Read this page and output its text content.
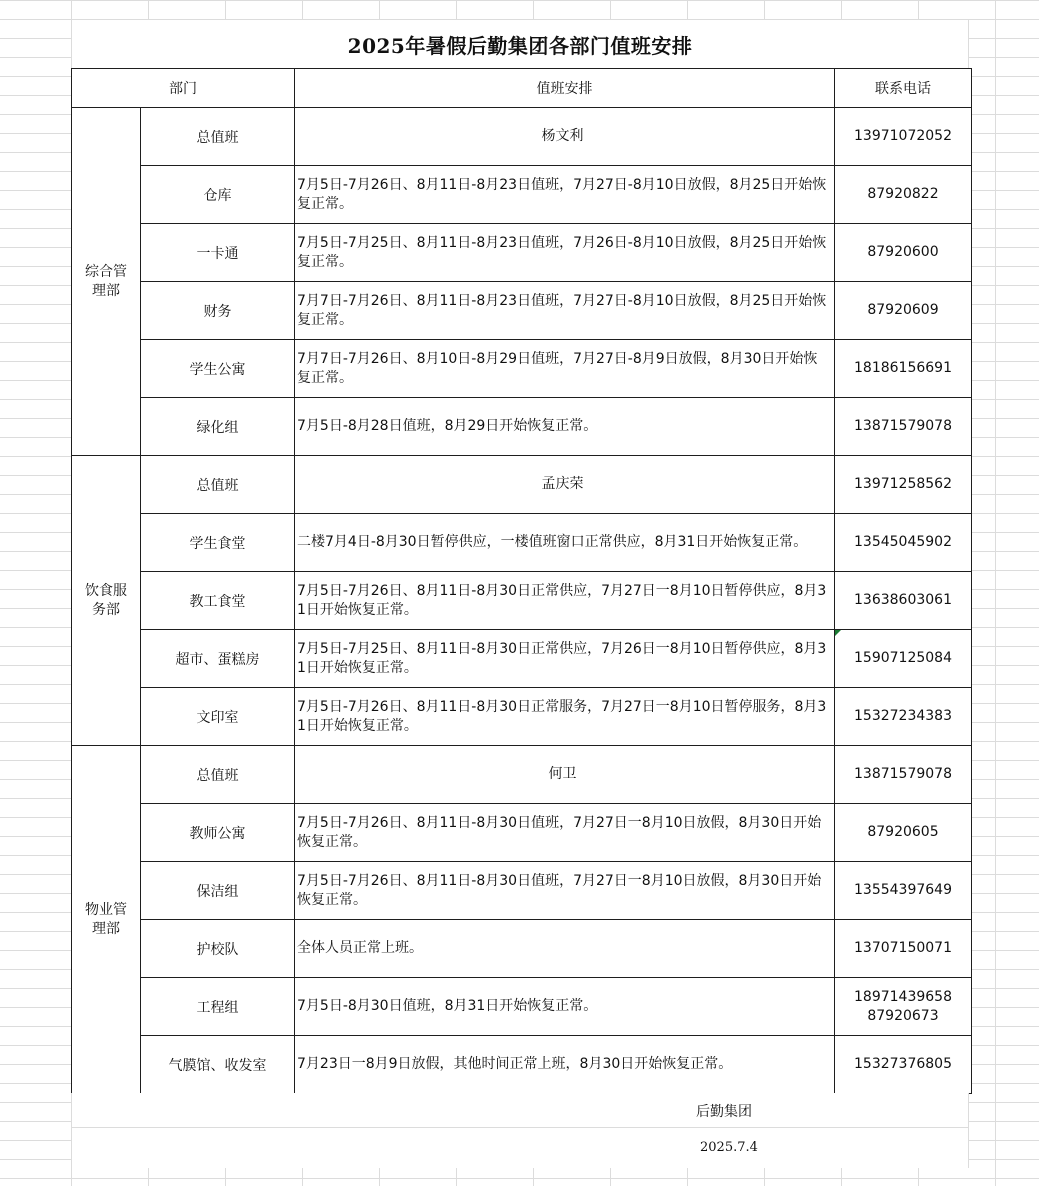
2025年暑假后勤集团各部门值班安排
部门		值班安排	联系电话
综合管理部	总值班	杨文利	13971072052

	仓库	7月5日-7月26日、8月11日-8月23日值班，7月27日-8月10日放假，8月25日开始恢复正常。	87920822

	一卡通	7月5日-7月25日、8月11日-8月23日值班，7月26日-8月10日放假，8月25日开始恢复正常。	87920600

	财务	7月7日-7月26日、8月11日-8月23日值班，7月27日-8月10日放假，8月25日开始恢复正常。	87920609

	学生公寓	7月7日-7月26日、8月10日-8月29日值班，7月27日-8月9日放假，8月30日开始恢复正常。	18186156691

	绿化组	7月5日-8月28日值班，8月29日开始恢复正常。	13871579078

饮食服务部	总值班	孟庆荣	13971258562

	学生食堂	二楼7月4日-8月30日暂停供应，一楼值班窗口正常供应，8月31日开始恢复正常。	13545045902

	教工食堂	7月5日-7月26日、8月11日-8月30日正常供应，7月27日一8月10日暂停供应，8月31日开始恢复正常。	13638603061

	超市、蛋糕房	7月5日-7月25日、8月11日-8月30日正常供应，7月26日一8月10日暂停供应，8月31日开始恢复正常。	15907125084

	文印室	7月5日-7月26日、8月11日-8月30日正常服务，7月27日一8月10日暂停服务，8月31日开始恢复正常。	15327234383

物业管理部	总值班	何卫	13871579078

	教师公寓	7月5日-7月26日、8月11日-8月30日值班，7月27日一8月10日放假，8月30日开始恢复正常。	87920605

	保洁组	7月5日-7月26日、8月11日-8月30日值班，7月27日一8月10日放假，8月30日开始恢复正常。	13554397649

	护校队	全体人员正常上班。	13707150071

	工程组	7月5日-8月30日值班，8月31日开始恢复正常。	18971439658
87920673

	气膜馆、收发室	7月23日一8月9日放假，其他时间正常上班，8月30日开始恢复正常。	15327376805
后勤集团
2025.7.4
